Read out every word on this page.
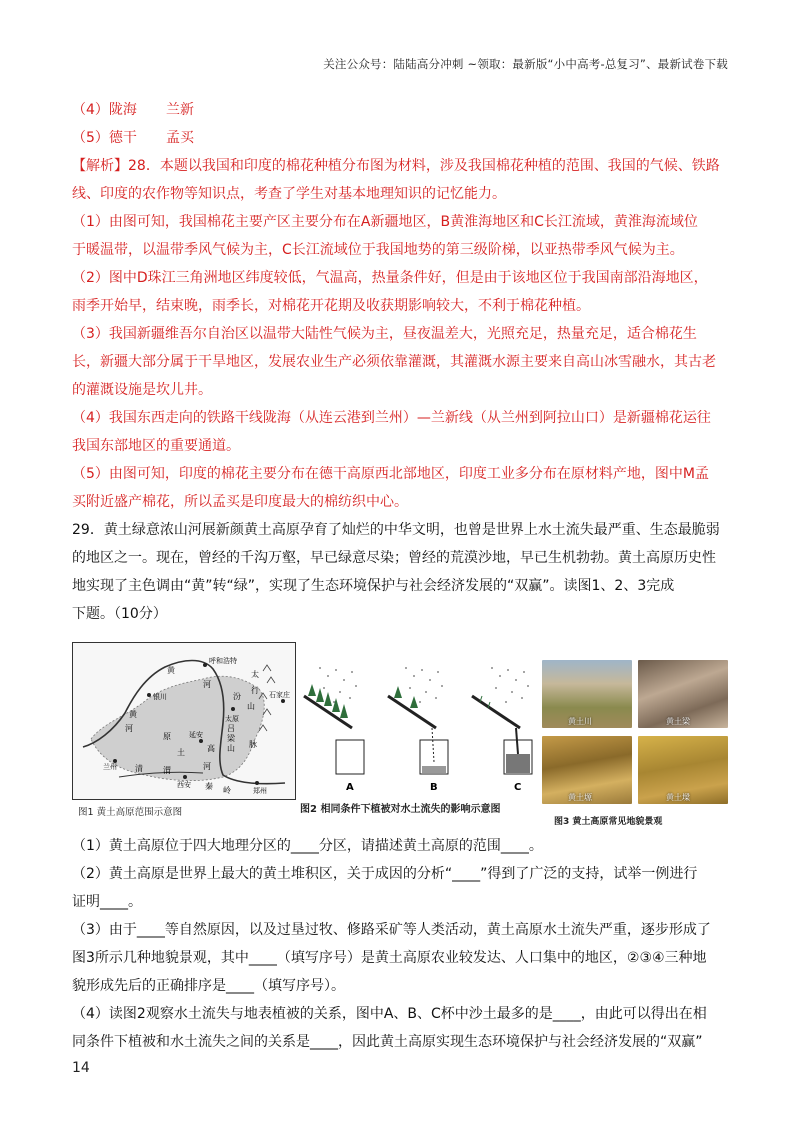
关注公众号：陆陆高分冲刺 ~领取：最新版“小中高考-总复习”、最新试卷下载
（4）陇海 兰新
（5）德干 孟买
【解析】28．本题以我国和印度的棉花种植分布图为材料，涉及我国棉花种植的范围、我国的气候、铁路
线、印度的农作物等知识点，考查了学生对基本地理知识的记忆能力。
（1）由图可知，我国棉花主要产区主要分布在A新疆地区，B黄淮海地区和C长江流域，黄淮海流域位
于暖温带，以温带季风气候为主，C长江流域位于我国地势的第三级阶梯，以亚热带季风气候为主。
（2）图中D珠江三角洲地区纬度较低，气温高，热量条件好，但是由于该地区位于我国南部沿海地区，
雨季开始早，结束晚，雨季长，对棉花开花期及收获期影响较大，不利于棉花种植。
（3）我国新疆维吾尔自治区以温带大陆性气候为主，昼夜温差大，光照充足，热量充足，适合棉花生
长，新疆大部分属于干旱地区，发展农业生产必须依靠灌溉，其灌溉水源主要来自高山冰雪融水，其古老
的灌溉设施是坎儿井。
（4）我国东西走向的铁路干线陇海（从连云港到兰州）—兰新线（从兰州到阿拉山口）是新疆棉花运往
我国东部地区的重要通道。
（5）由图可知，印度的棉花主要分布在德干高原西北部地区，印度工业多分布在原材料产地，图中M孟
买附近盛产棉花，所以孟买是印度最大的棉纺织中心。
29．黄土绿意浓山河展新颜黄土高原孕育了灿烂的中华文明，也曾是世界上水土流失最严重、生态最脆弱
的地区之一。现在，曾经的千沟万壑，早已绿意尽染；曾经的荒漠沙地，早已生机勃勃。黄土高原历史性
地实现了主色调由“黄”转“绿”，实现了生态环境保护与社会经济发展的“双赢”。读图1、2、3完成
下题。（10分）
呼和浩特
黄
河
太
行
山
脉
汾
吕
梁
山
银川
太原
石家庄
延安
高
土
原
兰州 清	渭	河
西安 秦 岭	郑州
黄
河
图1 黄土高原范围示意图
A	B	C
图2 相同条件下植被对水土流失的影响示意图
黄土川	黄土梁
黄土塬	黄土墚
图3 黄土高原常见地貌景观
（1）黄土高原位于四大地理分区的____分区，请描述黄土高原的范围____。
（2）黄土高原是世界上最大的黄土堆积区，关于成因的分析“____”得到了广泛的支持，试举一例进行
证明____。
（3）由于____等自然原因，以及过垦过牧、修路采矿等人类活动，黄土高原水土流失严重，逐步形成了
图3所示几种地貌景观，其中____（填写序号）是黄土高原农业较发达、人口集中的地区，②③④三种地
貌形成先后的正确排序是____（填写序号）。
（4）读图2观察水土流失与地表植被的关系，图中A、B、C杯中沙土最多的是____，由此可以得出在相
同条件下植被和水土流失之间的关系是____，因此黄土高原实现生态环境保护与社会经济发展的“双赢”
14
